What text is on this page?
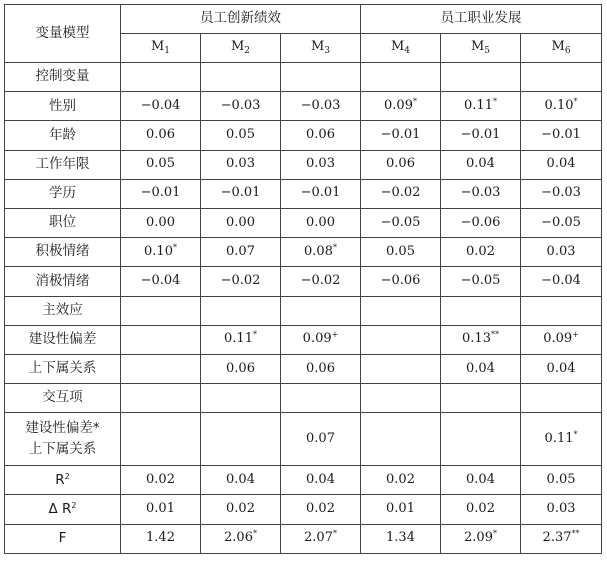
变量模型	员工创新绩效			员工职业发展		
	$M_1$	$M_2$	$M_3$	$M_4$	$M_5$	$M_6$
控制变量						
性别	−0.04	−0.03	−0.03	0.09*	0.11*	0.10*
年龄	0.06	0.05	0.06	−0.01	−0.01	−0.01
工作年限	0.05	0.03	0.03	0.06	0.04	0.04
学历	−0.01	−0.01	−0.01	−0.02	−0.03	−0.03
职位	0.00	0.00	0.00	−0.05	−0.06	−0.05
积极情绪	0.10*	0.07	0.08*	0.05	0.02	0.03
消极情绪	−0.04	−0.02	−0.02	−0.06	−0.05	−0.04
主效应						
建设性偏差		0.11*	0.09+		0.13**	0.09+
上下属关系		0.06	0.06		0.04	0.04
交互项						

建设性偏差*
上下属关系			0.07			0.11*
$R^2$	0.02	0.04	0.04	0.02	0.04	0.05
Δ $R^2$	0.01	0.02	0.02	0.01	0.02	0.03
F	1.42	2.06*	2.07*	1.34	2.09*	2.37**
